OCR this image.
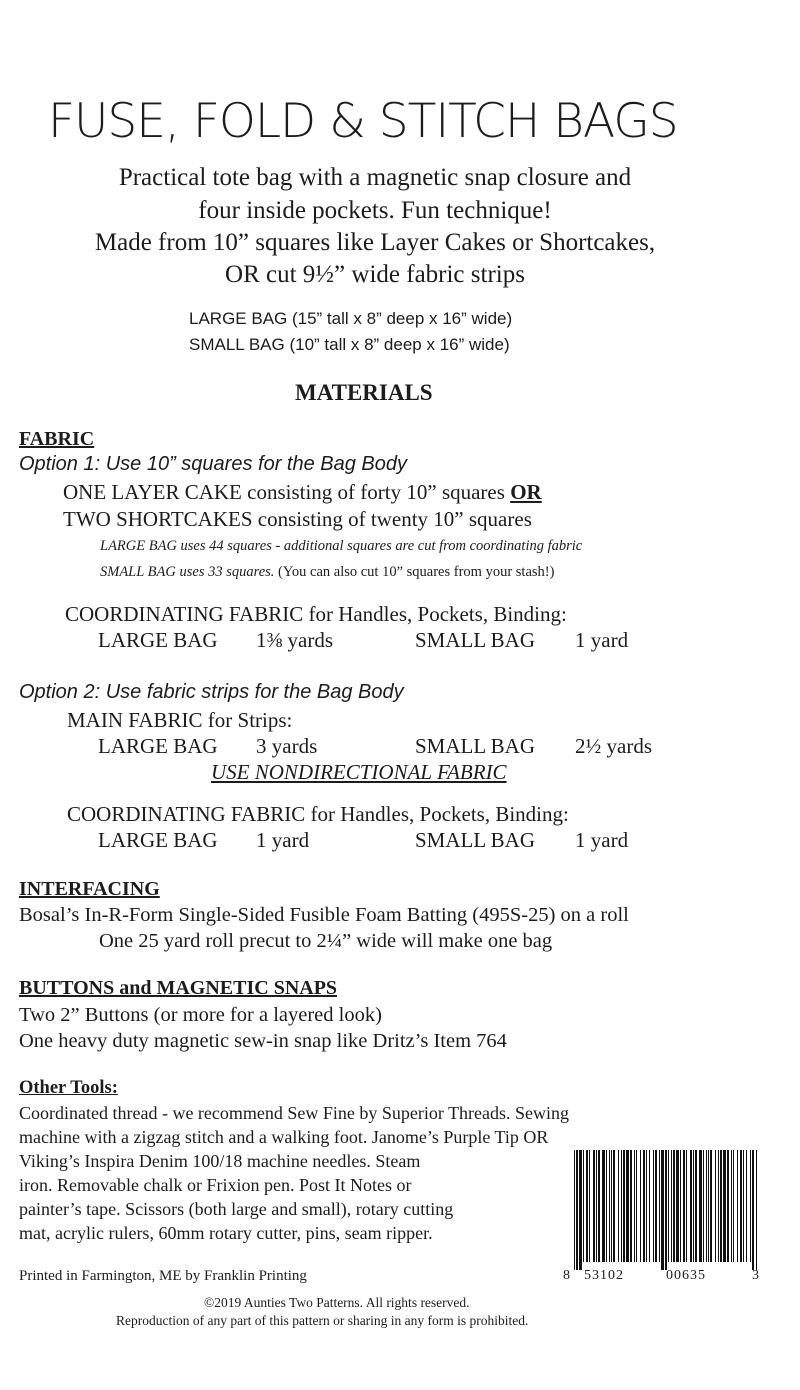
FUSE, FOLD & STITCH BAGS
Practical tote bag with a magnetic snap closure and
four inside pockets. Fun technique!
Made from 10” squares like Layer Cakes or Shortcakes,
OR cut 9½” wide fabric strips
LARGE BAG (15” tall x 8” deep x 16” wide)
SMALL BAG (10” tall x 8” deep x 16” wide)
MATERIALS
FABRIC
Option 1: Use 10” squares for the Bag Body
ONE LAYER CAKE consisting of forty 10” squares OR
TWO SHORTCAKES consisting of twenty 10” squares
LARGE BAG uses 44 squares - additional squares are cut from coordinating fabric
SMALL BAG uses 33 squares. (You can also cut 10” squares from your stash!)
COORDINATING FABRIC for Handles, Pockets, Binding:
LARGE BAG 1⅜ yards	SMALL BAG 1 yard
Option 2: Use fabric strips for the Bag Body
MAIN FABRIC for Strips:
LARGE BAG 3 yards	SMALL BAG 2½ yards
USE NONDIRECTIONAL FABRIC
COORDINATING FABRIC for Handles, Pockets, Binding:
LARGE BAG 1 yard	SMALL BAG 1 yard
INTERFACING
Bosal’s In-R-Form Single-Sided Fusible Foam Batting (495S-25) on a roll
One 25 yard roll precut to 2¼” wide will make one bag
BUTTONS and MAGNETIC SNAPS
Two 2” Buttons (or more for a layered look)
One heavy duty magnetic sew-in snap like Dritz’s Item 764
Other Tools:
Coordinated thread - we recommend Sew Fine by Superior Threads. Sewing
machine with a zigzag stitch and a walking foot. Janome’s Purple Tip OR
Viking’s Inspira Denim 100/18 machine needles. Steam
iron. Removable chalk or Frixion pen. Post It Notes or
painter’s tape. Scissors (both large and small), rotary cutting
mat, acrylic rulers, 60mm rotary cutter, pins, seam ripper.
8 53102	00635	3
Printed in Farmington, ME by Franklin Printing
©2019 Aunties Two Patterns. All rights reserved.
Reproduction of any part of this pattern or sharing in any form is prohibited.
